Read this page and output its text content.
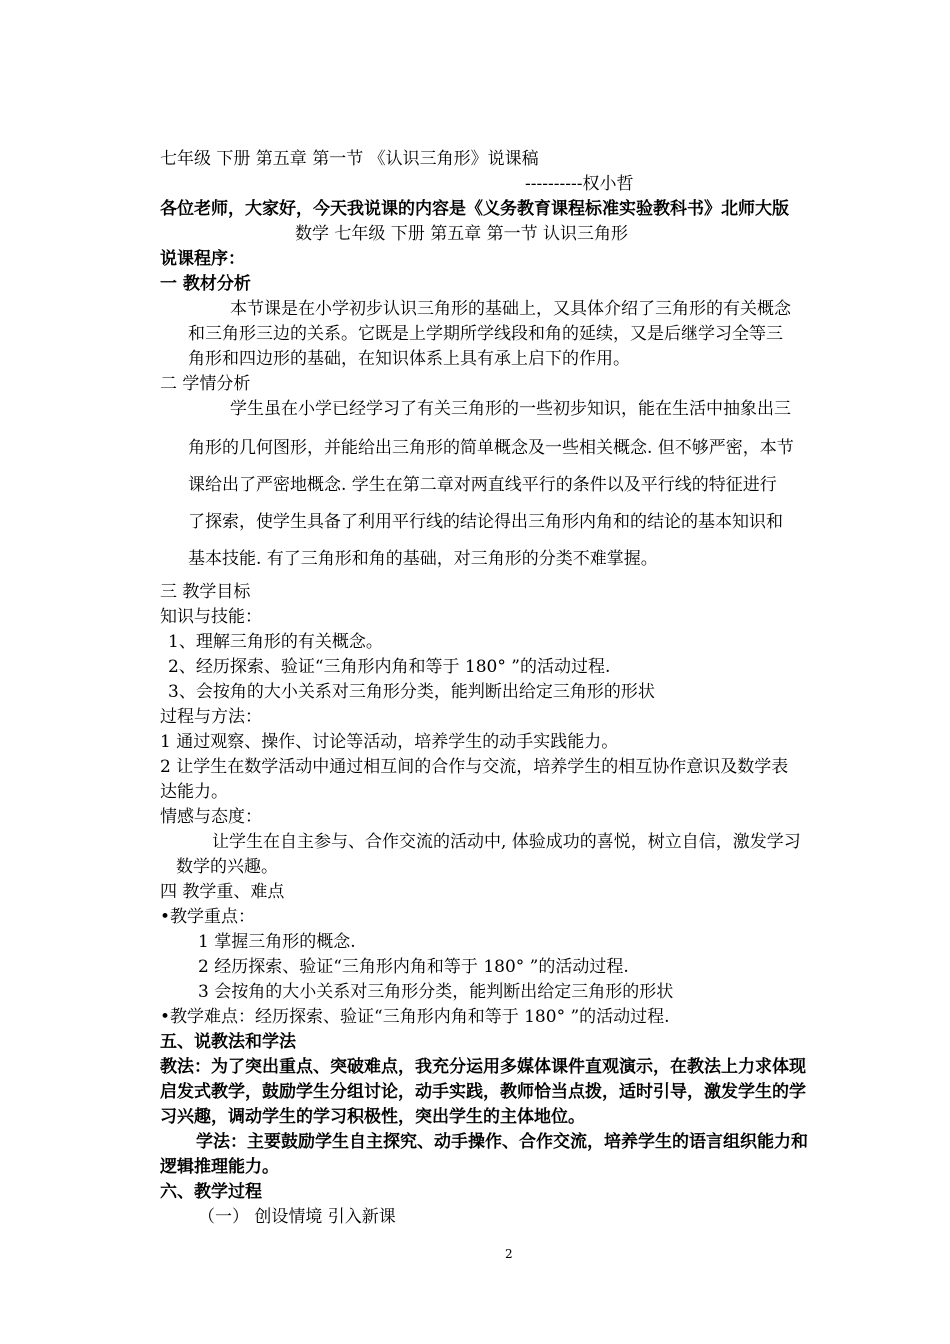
七年级 下册 第五章 第一节 《认识三角形》说课稿
----------权小哲
各位老师，大家好，今天我说课的内容是《义务教育课程标准实验教科书》北师大版
数学 七年级 下册 第五章 第一节 认识三角形
说课程序：
一 教材分析
本节课是在小学初步认识三角形的基础上，又具体介绍了三角形的有关概念
和三角形三边的关系。它既是上学期所学线段和角的延续，又是后继学习全等三
角形和四边形的基础，在知识体系上具有承上启下的作用。
二 学情分析
学生虽在小学已经学习了有关三角形的一些初步知识，能在生活中抽象出三
角形的几何图形，并能给出三角形的简单概念及一些相关概念. 但不够严密，本节
课给出了严密地概念. 学生在第二章对两直线平行的条件以及平行线的特征进行
了探索，使学生具备了利用平行线的结论得出三角形内角和的结论的基本知识和
基本技能. 有了三角形和角的基础，对三角形的分类不难掌握。
三 教学目标
知识与技能：
1、理解三角形的有关概念。
2、经历探索、验证“三角形内角和等于 180° ”的活动过程.
3、会按角的大小关系对三角形分类，能判断出给定三角形的形状
过程与方法：
1 通过观察、操作、讨论等活动，培养学生的动手实践能力。
2 让学生在数学活动中通过相互间的合作与交流，培养学生的相互协作意识及数学表
达能力。
情感与态度：
让学生在自主参与、合作交流的活动中, 体验成功的喜悦，树立自信，激发学习
数学的兴趣。
四 教学重、难点
•教学重点：
1 掌握三角形的概念.
2 经历探索、验证“三角形内角和等于 180° ”的活动过程.
3 会按角的大小关系对三角形分类，能判断出给定三角形的形状
•教学难点：经历探索、验证“三角形内角和等于 180° ”的活动过程.
五、说教法和学法
教法：为了突出重点、突破难点，我充分运用多媒体课件直观演示，在教法上力求体现
启发式教学，鼓励学生分组讨论，动手实践，教师恰当点拨，适时引导，激发学生的学
习兴趣，调动学生的学习积极性，突出学生的主体地位。
学法：主要鼓励学生自主探究、动手操作、合作交流，培养学生的语言组织能力和
逻辑推理能力。
六、教学过程
（一） 创设情境 引入新课
2
